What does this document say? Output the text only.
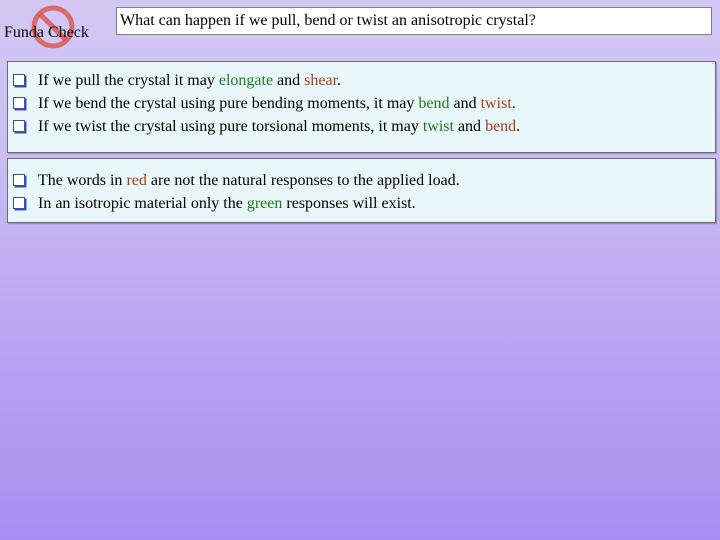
Funda Check
What can happen if we pull, bend or twist an anisotropic crystal?
If we pull the crystal it may elongate and shear.
If we bend the crystal using pure bending moments, it may bend and twist.
If we twist the crystal using pure torsional moments, it may twist and bend.
The words in red are not the natural responses to the applied load.
In an isotropic material only the green responses will exist.
